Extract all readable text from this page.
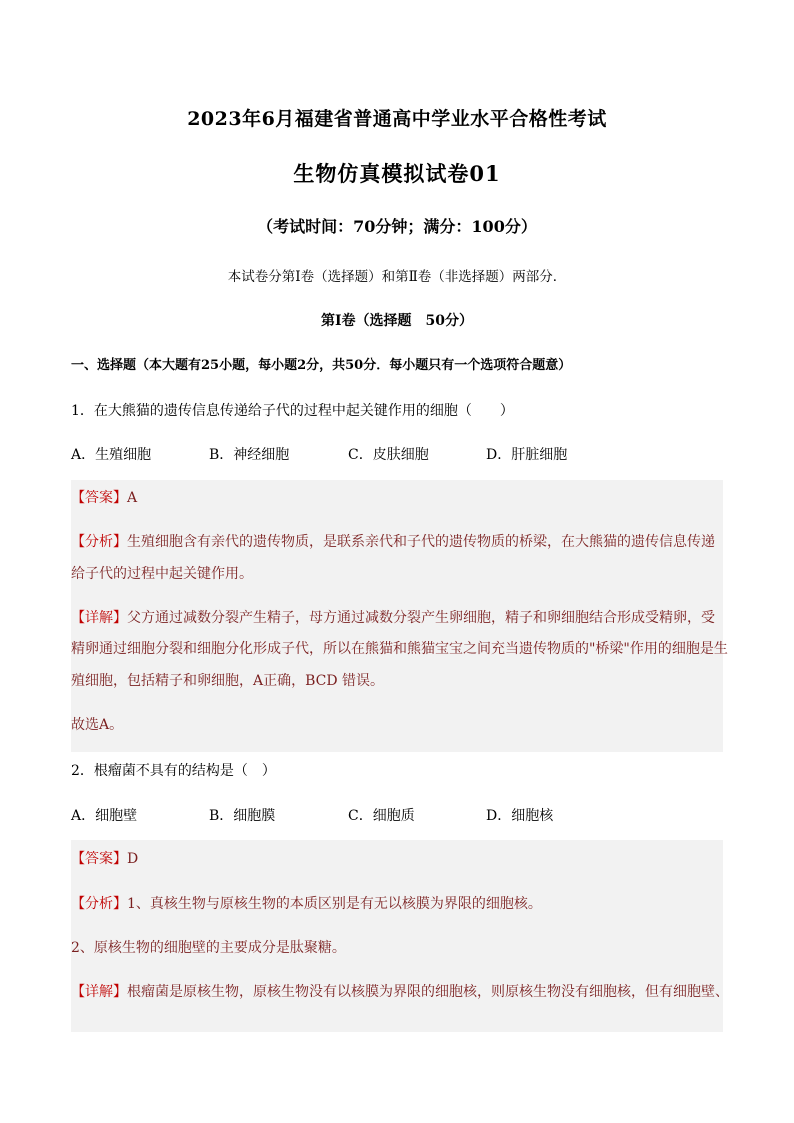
2023年6月福建省普通高中学业水平合格性考试
生物仿真模拟试卷01
（考试时间：70分钟；满分：100分）
本试卷分第Ⅰ卷（选择题）和第Ⅱ卷（非选择题）两部分．
第Ⅰ卷（选择题　50分）
一、选择题（本大题有25小题，每小题2分，共50分．每小题只有一个选项符合题意）
1．在大熊猫的遗传信息传递给子代的过程中起关键作用的细胞（　　）
A．生殖细胞	B．神经细胞	C．皮肤细胞	D．肝脏细胞
【答案】A
【分析】生殖细胞含有亲代的遗传物质，是联系亲代和子代的遗传物质的桥梁，在大熊猫的遗传信息传递
给子代的过程中起关键作用。
【详解】父方通过减数分裂产生精子，母方通过减数分裂产生卵细胞，精子和卵细胞结合形成受精卵，受
精卵通过细胞分裂和细胞分化形成子代，所以在熊猫和熊猫宝宝之间充当遗传物质的"桥梁"作用的细胞是生
殖细胞，包括精子和卵细胞，A正确，BCD 错误。
故选A。
2．根瘤菌不具有的结构是（　）
A．细胞壁	B．细胞膜	C．细胞质	D．细胞核
【答案】D
【分析】1、真核生物与原核生物的本质区别是有无以核膜为界限的细胞核。
2、原核生物的细胞壁的主要成分是肽聚糖。
【详解】根瘤菌是原核生物，原核生物没有以核膜为界限的细胞核，则原核生物没有细胞核，但有细胞壁、
